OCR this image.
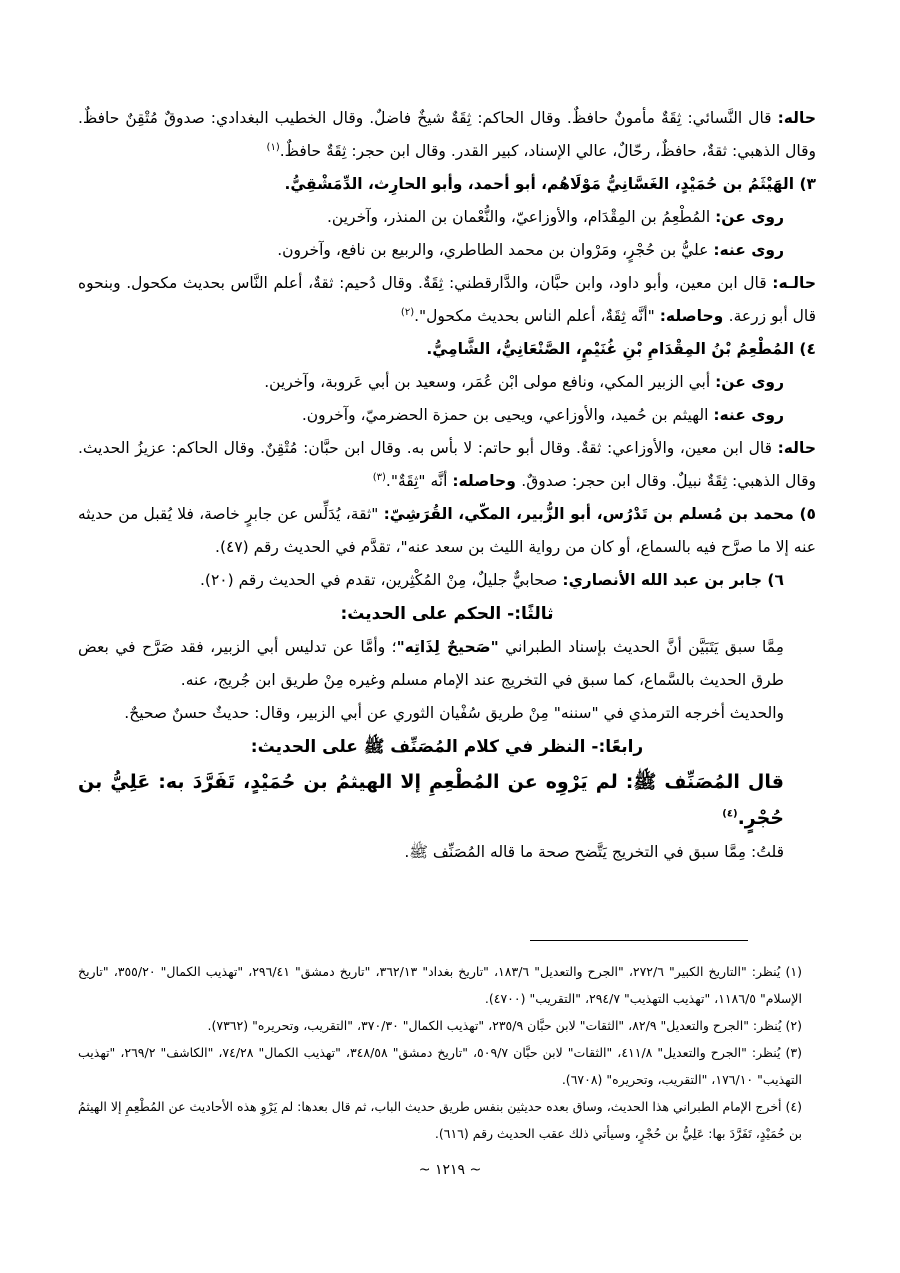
حاله: قال النَّسائي: ثِقَةٌ مأمونٌ حافظٌ. وقال الحاكم: ثِقَةٌ شيخٌ فاضلٌ. وقال الخطيب البغدادي: صدوقٌ مُتْقِنٌ حافظٌ. وقال الذهبي: ثقةٌ، حافظٌ، رحّالٌ، عالي الإسناد، كبير القدر. وقال ابن حجر: ثِقَةٌ حافظٌ.$^{(١)}$

٣) الهَيْثَمُ بن حُمَيْدٍ، الغَسَّانِيُّ مَوْلَاهُم، أبو أحمد، وأبو الحارِث، الدِّمَشْقِيُّ.

روى عن: المُطْعِمُ بن المِقْدَام، والأوزاعيّ، والنُّعْمان بن المنذر، وآخرين.

روى عنه: عليُّ بن حُجْرٍ، ومَرْوان بن محمد الطاطري، والربيع بن نافع، وآخرون.

حالـه: قال ابن معين، وأبو داود، وابن حبَّان، والدَّارقطني: ثِقَةٌ. وقال دُحيم: ثقةٌ، أعلم النَّاس بحديث مكحول. وبنحوه قال أبو زرعة. وحاصله: "أنَّه ثِقَةٌ، أعلم الناس بحديث مكحول".$^{(٢)}$

٤) المُطْعِمُ بْنُ المِقْدَامِ بْنِ غُنَيْمٍ، الصَّنْعَانِيُّ، الشَّامِيُّ.

روى عن: أبي الزبير المكي، ونافع مولى ابْن عُمَر، وسعيد بن أبي عَروبة، وآخرين.

روى عنه: الهيثم بن حُميد، والأوزاعي، ويحيى بن حمزة الحضرميّ، وآخرون.

حاله: قال ابن معين، والأوزاعي: ثقةٌ. وقال أبو حاتم: لا بأس به. وقال ابن حبَّان: مُتْقِنٌ. وقال الحاكم: عزيزُ الحديث. وقال الذهبي: ثِقَةٌ نبيلٌ. وقال ابن حجر: صدوقٌ. وحاصله: أنَّه "ثِقَةٌ".$^{(٣)}$

٥) محمد بن مُسلم بن تَدْرُس، أبو الزُّبير، المكّي، القُرَشِيّ: "ثقة، يُدَلِّس عن جابرٍ خاصة، فلا يُقبل من حديثه عنه إلا ما صرَّح فيه بالسماع، أو كان من رواية الليث بن سعد عنه"، تقدَّم في الحديث رقم (٤٧).

٦) جابر بن عبد الله الأنصاري: صحابيٌّ جليلٌ، مِنْ المُكْثِرين، تقدم في الحديث رقم (٢٠).

ثالثًا:- الحكم على الحديث:

مِمَّا سبق يَتَبَيَّن أنَّ الحديث بإسناد الطبراني "صَحيحٌ لِذَاتِه"؛ وأمَّا عن تدليس أبي الزبير، فقد صَرَّح في بعض طرق الحديث بالسَّماع، كما سبق في التخريج عند الإمام مسلم وغيره مِنْ طريق ابن جُريج، عنه.

والحديث أخرجه الترمذي في "سننه" مِنْ طريق سُفْيان الثوري عن أبي الزبير، وقال: حديثٌ حسنٌ صحيحٌ.

رابعًا:- النظر في كلام المُصَنِّف ﷺ على الحديث:

قال المُصَنِّف ﷺ: لم يَرْوِه عن المُطْعِمِ إلا الهيثمُ بن حُمَيْدٍ، تَفَرَّدَ به: عَلِيُّ بن حُجْرٍ.$^{(٤)}$

قلتُ: مِمَّا سبق في التخريج يَتَّضح صحة ما قاله المُصَنِّف ﷺ.

(١) يُنظر: "التاريخ الكبير" ٢٧٢/٦، "الجرح والتعديل" ١٨٣/٦، "تاريخ بغداد" ٣٦٢/١٣، "تاريخ دمشق" ٢٩٦/٤١، "تهذيب الكمال" ٣٥٥/٢٠، "تاريخ الإسلام" ١١٨٦/٥، "تهذيب التهذيب" ٢٩٤/٧، "التقريب" (٤٧٠٠).

(٢) يُنظر: "الجرح والتعديل" ٨٢/٩، "الثقات" لابن حبَّان ٢٣٥/٩، "تهذيب الكمال" ٣٧٠/٣٠، "التقريب، وتحريره" (٧٣٦٢).

(٣) يُنظر: "الجرح والتعديل" ٤١١/٨، "الثقات" لابن حبَّان ٥٠٩/٧، "تاريخ دمشق" ٣٤٨/٥٨، "تهذيب الكمال" ٧٤/٢٨، "الكاشف" ٢٦٩/٢، "تهذيب التهذيب" ١٧٦/١٠، "التقريب، وتحريره" (٦٧٠٨).

(٤) أخرج الإمام الطبراني هذا الحديث، وساق بعده حديثين بنفس طريق حديث الباب، ثم قال بعدها: لم يَرْوِ هذه الأحاديث عن المُطْعِمِ إلا الهيثمُ بن حُمَيْدٍ، تَفَرَّدَ بها: عَلِيُّ بن حُجْرٍ، وسيأتي ذلك عقب الحديث رقم (٦١٦).

~ ١٢١٩ ~
